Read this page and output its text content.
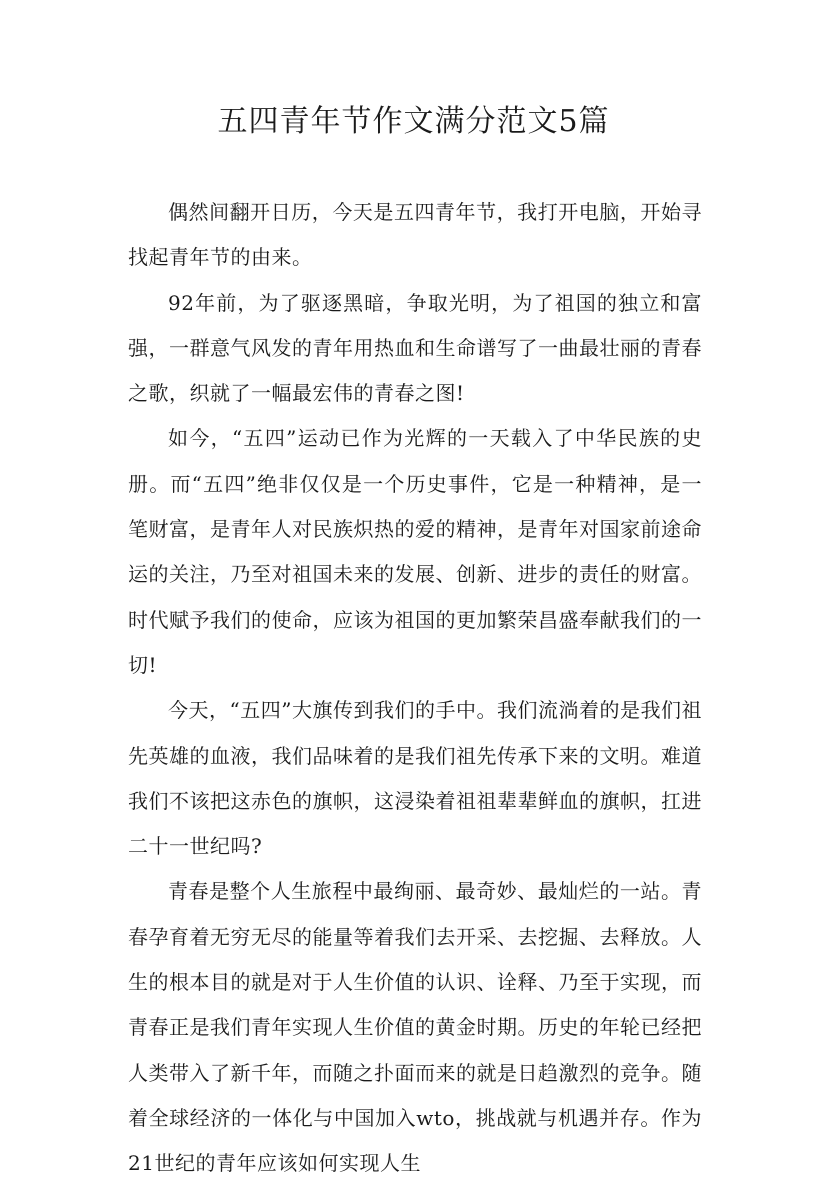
五四青年节作文满分范文5篇

偶然间翻开日历，今天是五四青年节，我打开电脑，开始寻找起青年节的由来。

92年前，为了驱逐黑暗，争取光明，为了祖国的独立和富强，一群意气风发的青年用热血和生命谱写了一曲最壮丽的青春之歌，织就了一幅最宏伟的青春之图!

如今，“五四”运动已作为光辉的一天载入了中华民族的史册。而“五四”绝非仅仅是一个历史事件，它是一种精神，是一笔财富，是青年人对民族炽热的爱的精神，是青年对国家前途命运的关注，乃至对祖国未来的发展、创新、进步的责任的财富。时代赋予我们的使命，应该为祖国的更加繁荣昌盛奉献我们的一切!

今天，“五四”大旗传到我们的手中。我们流淌着的是我们祖先英雄的血液，我们品味着的是我们祖先传承下来的文明。难道我们不该把这赤色的旗帜，这浸染着祖祖辈辈鲜血的旗帜，扛进二十一世纪吗?

青春是整个人生旅程中最绚丽、最奇妙、最灿烂的一站。青春孕育着无穷无尽的能量等着我们去开采、去挖掘、去释放。人生的根本目的就是对于人生价值的认识、诠释、乃至于实现，而青春正是我们青年实现人生价值的黄金时期。历史的年轮已经把人类带入了新千年，而随之扑面而来的就是日趋激烈的竞争。随着全球经济的一体化与中国加入wto，挑战就与机遇并存。作为21世纪的青年应该如何实现人生
